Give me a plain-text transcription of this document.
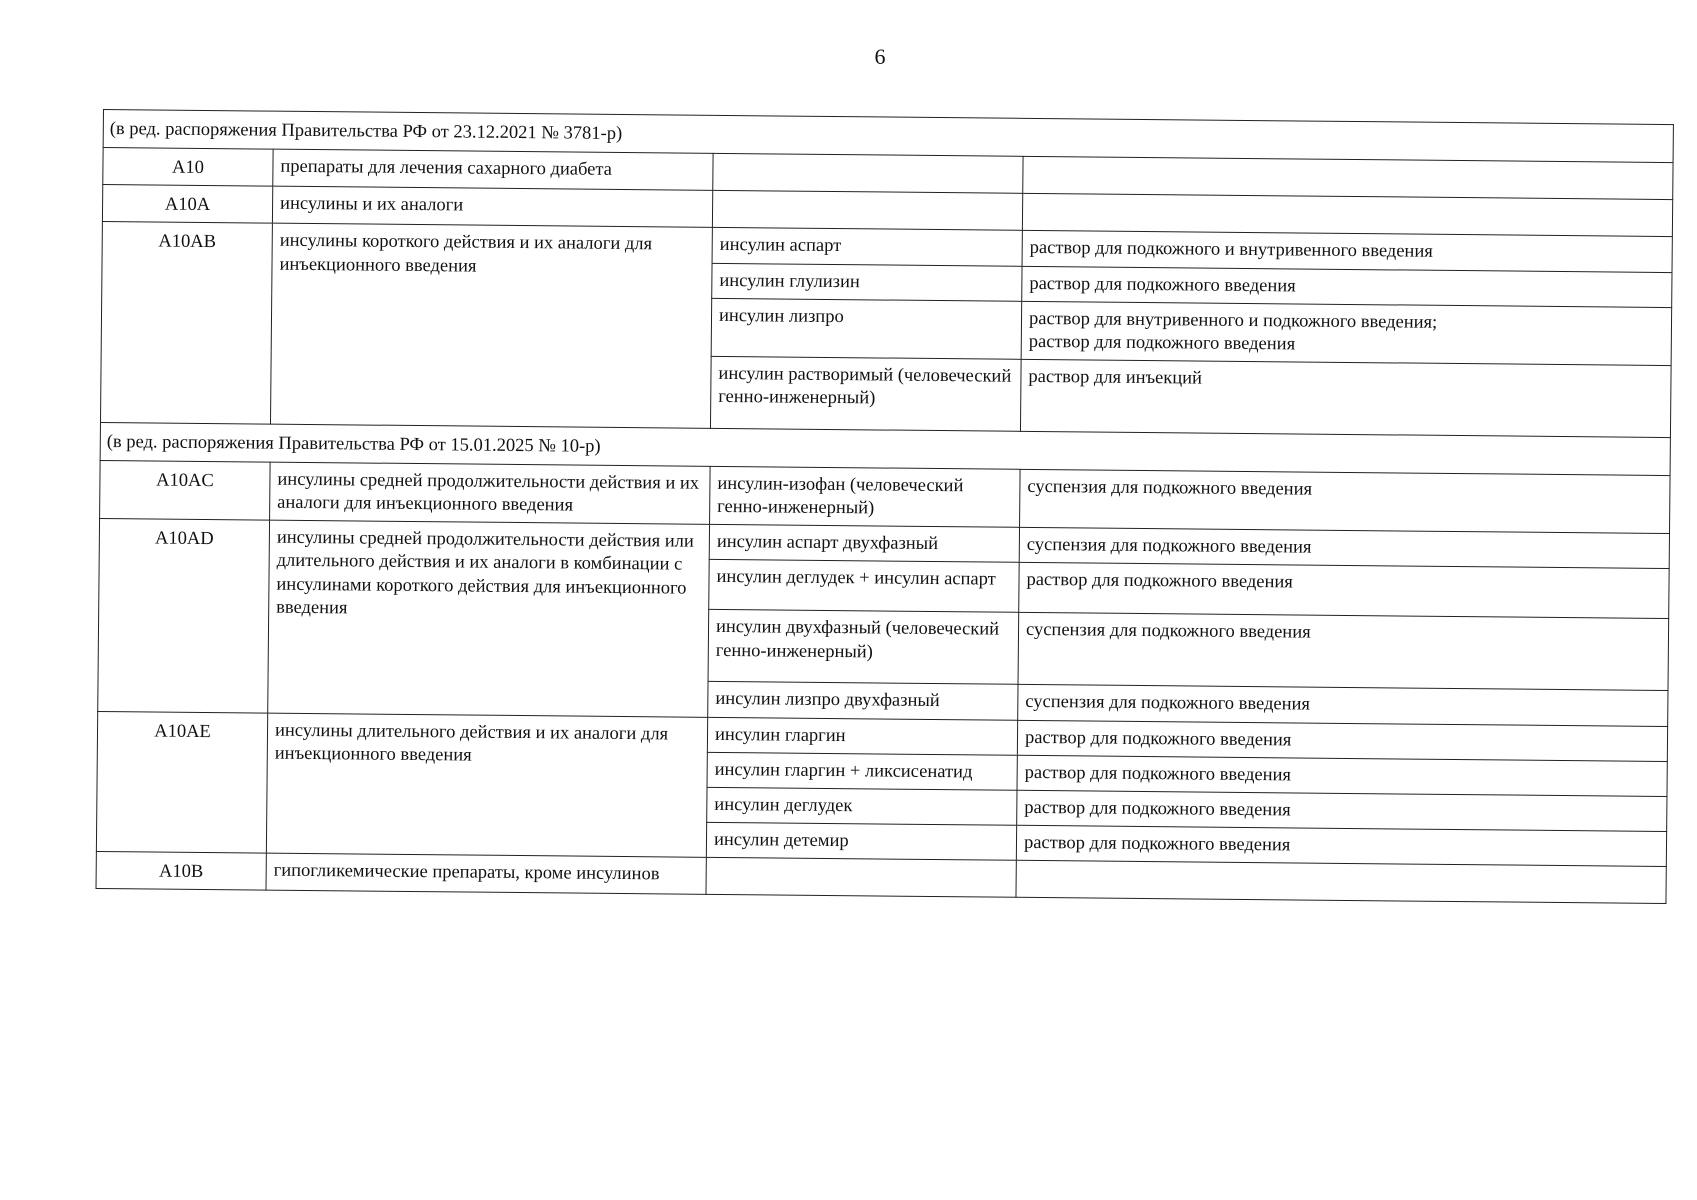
6
(в ред. распоряжения Правительства РФ от 23.12.2021 № 3781-р)			
A10	препараты для лечения сахарного диабета		
A10A	инсулины и их аналоги		
A10AB	инсулины короткого действия и их аналоги для инъекционного введения	инсулин аспарт	раствор для подкожного и внутривенного введения
		инсулин глулизин	раствор для подкожного введения
		инсулин лизпро	раствор для внутривенного и подкожного введения;
раствор для подкожного введения
		инсулин растворимый (человеческий генно-инженерный)	раствор для инъекций
(в ред. распоряжения Правительства РФ от 15.01.2025 № 10-р)			
A10AC	инсулины средней продолжительности действия и их аналоги для инъекционного введения	инсулин-изофан (человеческий генно-инженерный)	суспензия для подкожного введения
A10AD	инсулины средней продолжительности действия или длительного действия и их аналоги в комбинации с инсулинами короткого действия для инъекционного введения	инсулин аспарт двухфазный	суспензия для подкожного введения
		инсулин деглудек + инсулин аспарт	раствор для подкожного введения
		инсулин двухфазный (человеческий генно-инженерный)	суспензия для подкожного введения
		инсулин лизпро двухфазный	суспензия для подкожного введения
A10AE	инсулины длительного действия и их аналоги для инъекционного введения	инсулин гларгин	раствор для подкожного введения
		инсулин гларгин + ликсисенатид	раствор для подкожного введения
		инсулин деглудек	раствор для подкожного введения
		инсулин детемир	раствор для подкожного введения
A10B	гипогликемические препараты, кроме инсулинов		
